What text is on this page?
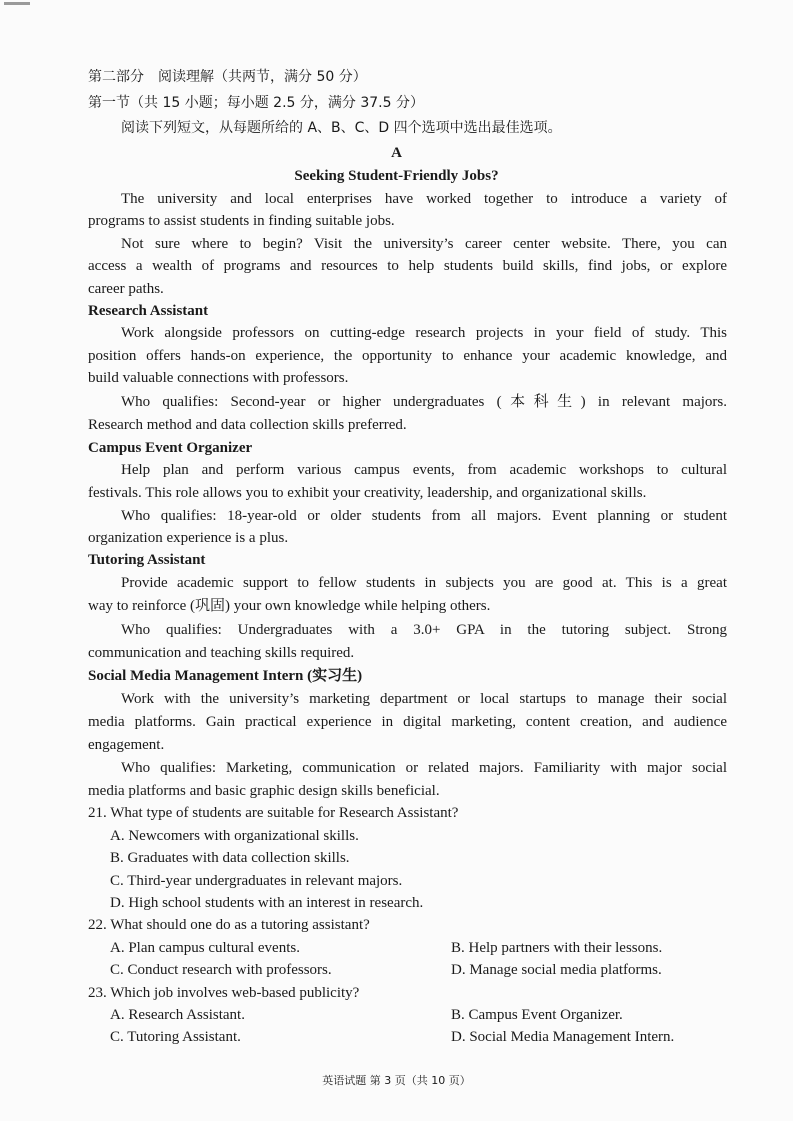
第二部分　阅读理解（共两节，满分 50 分）
第一节（共 15 小题；每小题 2.5 分，满分 37.5 分）
阅读下列短文，从每题所给的 A、B、C、D 四个选项中选出最佳选项。
A
Seeking Student-Friendly Jobs?
The university and local enterprises have worked together to introduce a variety of
programs to assist students in finding suitable jobs.
Not sure where to begin? Visit the university’s career center website. There, you can
access a wealth of programs and resources to help students build skills, find jobs, or explore
career paths.
Research Assistant
Work alongside professors on cutting-edge research projects in your field of study. This
position offers hands-on experience, the opportunity to enhance your academic knowledge, and
build valuable connections with professors.
Who qualifies: Second-year or higher undergraduates (本科生) in relevant majors.
Research method and data collection skills preferred.
Campus Event Organizer
Help plan and perform various campus events, from academic workshops to cultural
festivals. This role allows you to exhibit your creativity, leadership, and organizational skills.
Who qualifies: 18-year-old or older students from all majors. Event planning or student
organization experience is a plus.
Tutoring Assistant
Provide academic support to fellow students in subjects you are good at. This is a great
way to reinforce (巩固) your own knowledge while helping others.
Who qualifies: Undergraduates with a 3.0+ GPA in the tutoring subject. Strong
communication and teaching skills required.
Social Media Management Intern (实习生)
Work with the university’s marketing department or local startups to manage their social
media platforms. Gain practical experience in digital marketing, content creation, and audience
engagement.
Who qualifies: Marketing, communication or related majors. Familiarity with major social
media platforms and basic graphic design skills beneficial.
21. What type of students are suitable for Research Assistant?
A. Newcomers with organizational skills.
B. Graduates with data collection skills.
C. Third-year undergraduates in relevant majors.
D. High school students with an interest in research.
22. What should one do as a tutoring assistant?
A. Plan campus cultural events.	B. Help partners with their lessons.
C. Conduct research with professors.	D. Manage social media platforms.
23. Which job involves web-based publicity?
A. Research Assistant.	B. Campus Event Organizer.
C. Tutoring Assistant.	D. Social Media Management Intern.
英语试题 第 3 页（共 10 页）
